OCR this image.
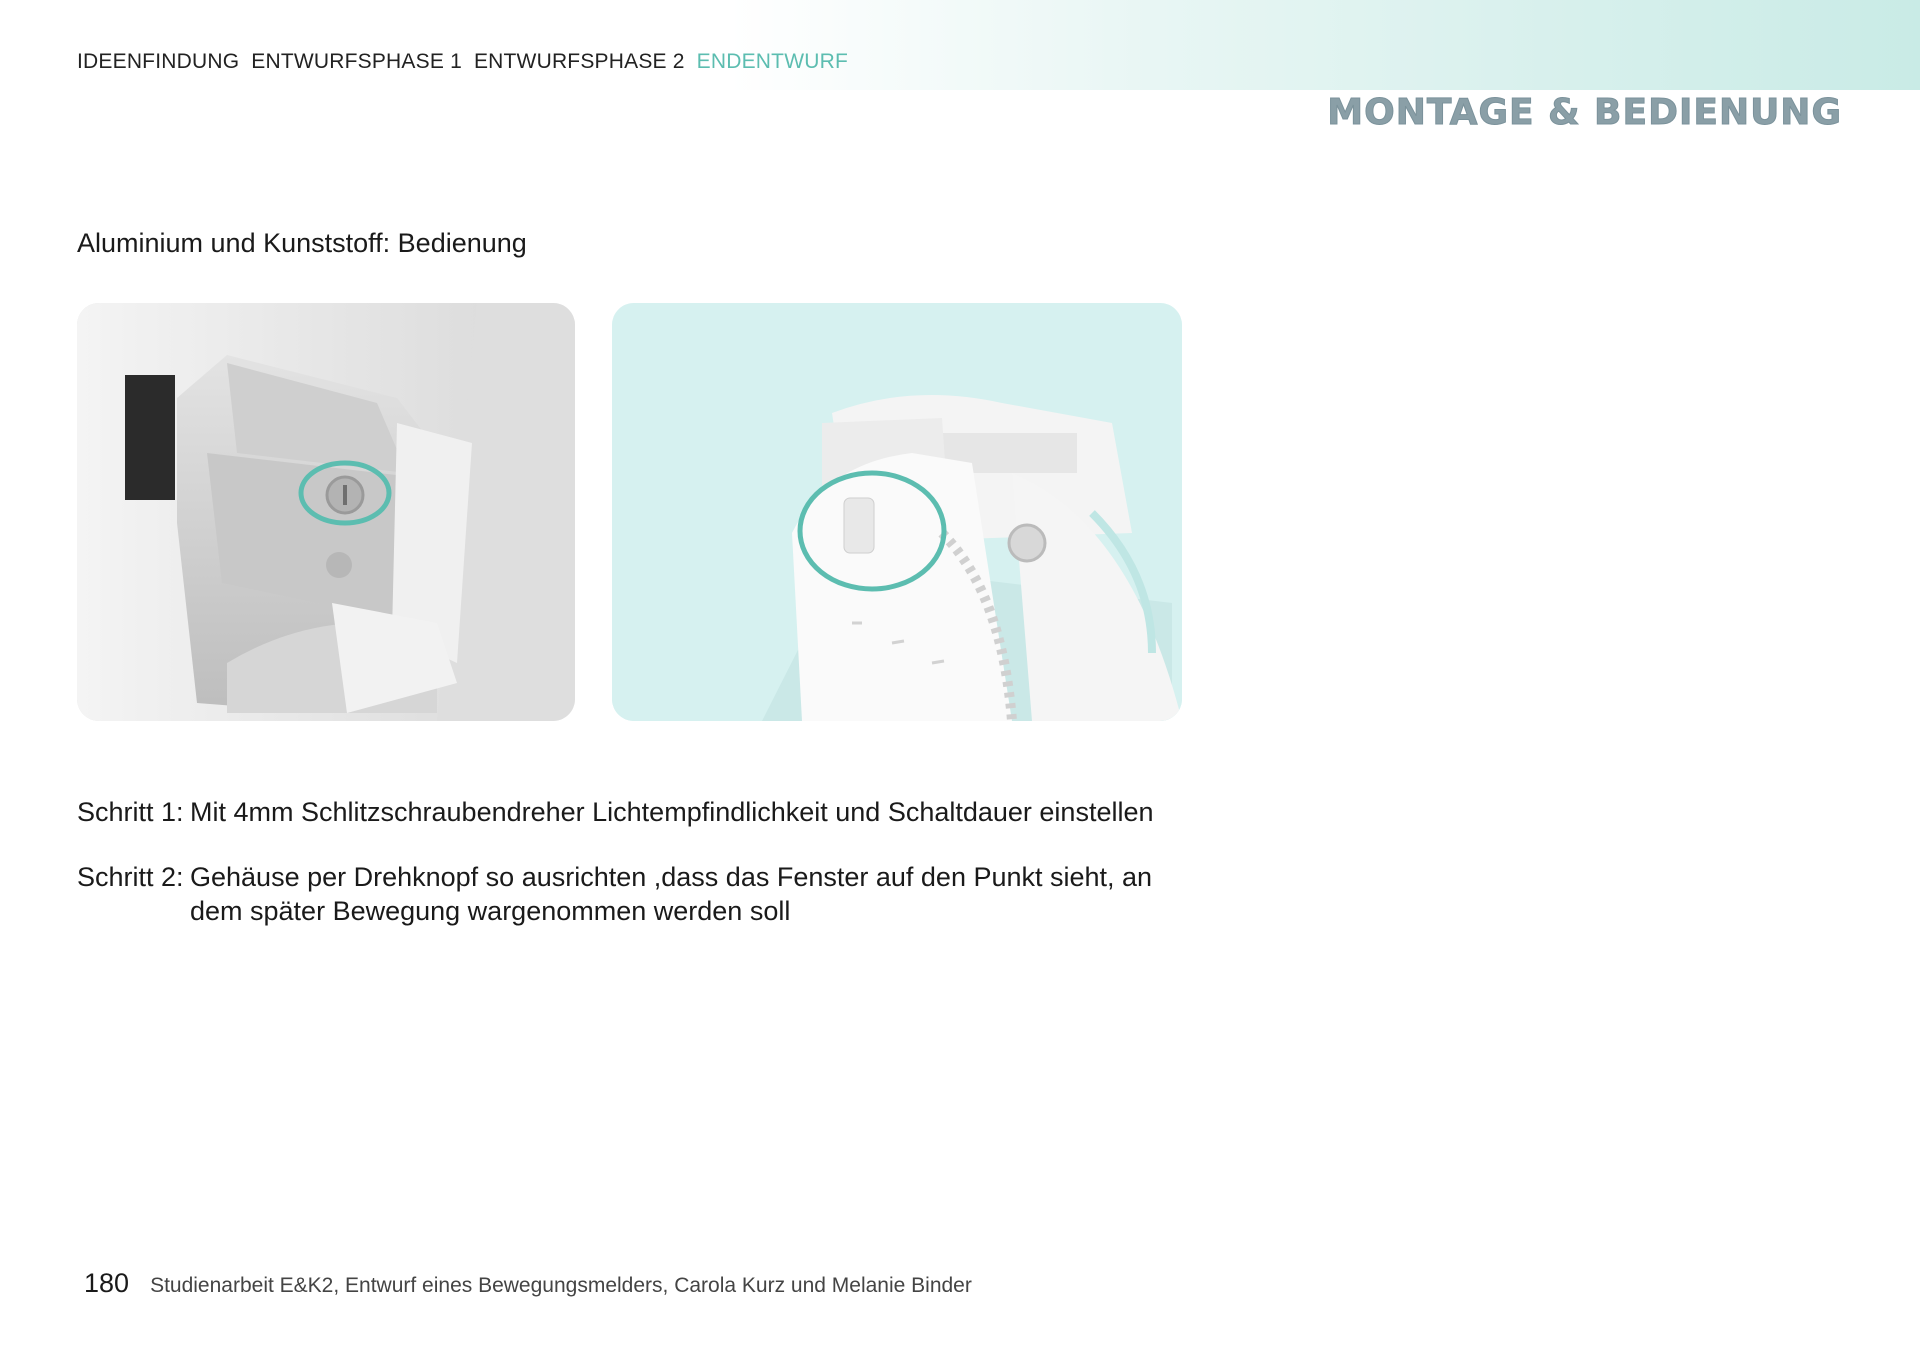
IDEENFINDUNG ENTWURFSPHASE 1 ENTWURFSPHASE 2 ENDENTWURF
MONTAGE & BEDIENUNG
Aluminium und Kunststoff: Bedienung
Schritt 1: Mit 4mm Schlitzschraubendreher Lichtempfindlichkeit und Schaltdauer einstellen
Schritt 2: Gehäuse per Drehknopf so ausrichten ,dass das Fenster auf den Punkt sieht, an dem später Bewegung wargenommen werden soll
180 Studienarbeit E&K2, Entwurf eines Bewegungsmelders, Carola Kurz und Melanie Binder
